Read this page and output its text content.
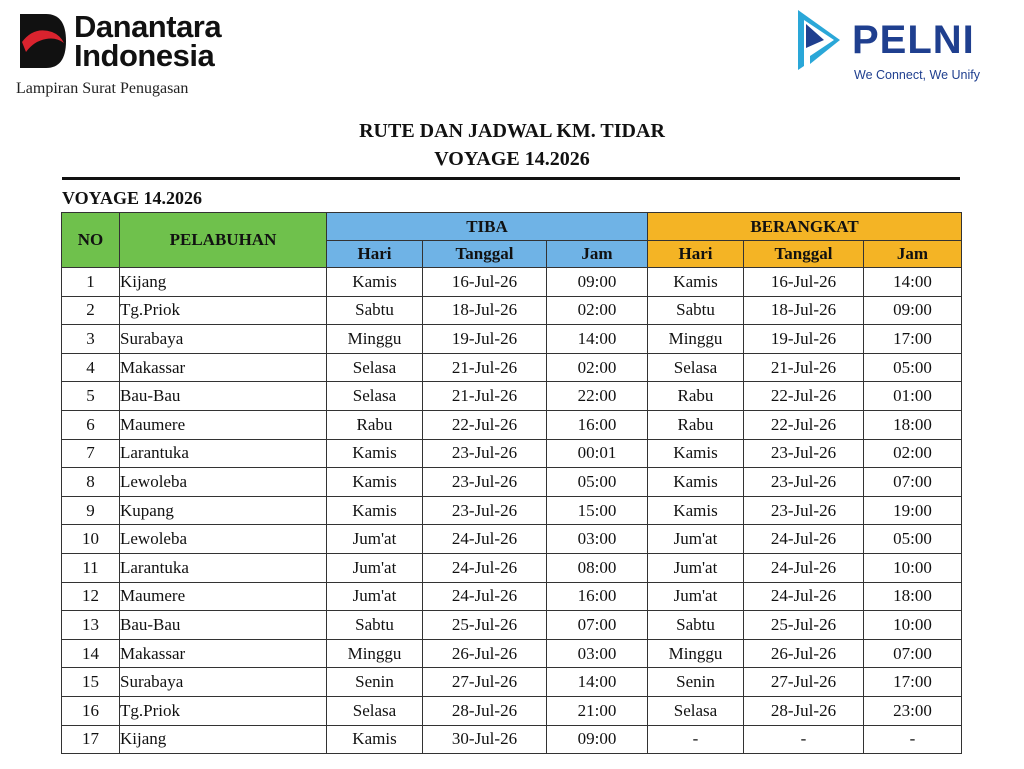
Danantara
Indonesia
Lampiran Surat Penugasan
PELNI
We Connect, We Unify
RUTE DAN JADWAL KM. TIDAR
VOYAGE 14.2026
VOYAGE 14.2026
NO	PELABUHAN	TIBA			BERANGKAT		
		Hari	Tanggal	Jam	Hari	Tanggal	Jam
1	Kijang	Kamis	16-Jul-26	09:00	Kamis	16-Jul-26	14:00
2	Tg.Priok	Sabtu	18-Jul-26	02:00	Sabtu	18-Jul-26	09:00
3	Surabaya	Minggu	19-Jul-26	14:00	Minggu	19-Jul-26	17:00
4	Makassar	Selasa	21-Jul-26	02:00	Selasa	21-Jul-26	05:00
5	Bau-Bau	Selasa	21-Jul-26	22:00	Rabu	22-Jul-26	01:00
6	Maumere	Rabu	22-Jul-26	16:00	Rabu	22-Jul-26	18:00
7	Larantuka	Kamis	23-Jul-26	00:01	Kamis	23-Jul-26	02:00
8	Lewoleba	Kamis	23-Jul-26	05:00	Kamis	23-Jul-26	07:00
9	Kupang	Kamis	23-Jul-26	15:00	Kamis	23-Jul-26	19:00
10	Lewoleba	Jum'at	24-Jul-26	03:00	Jum'at	24-Jul-26	05:00
11	Larantuka	Jum'at	24-Jul-26	08:00	Jum'at	24-Jul-26	10:00
12	Maumere	Jum'at	24-Jul-26	16:00	Jum'at	24-Jul-26	18:00
13	Bau-Bau	Sabtu	25-Jul-26	07:00	Sabtu	25-Jul-26	10:00
14	Makassar	Minggu	26-Jul-26	03:00	Minggu	26-Jul-26	07:00
15	Surabaya	Senin	27-Jul-26	14:00	Senin	27-Jul-26	17:00
16	Tg.Priok	Selasa	28-Jul-26	21:00	Selasa	28-Jul-26	23:00
17	Kijang	Kamis	30-Jul-26	09:00	-	-	-
